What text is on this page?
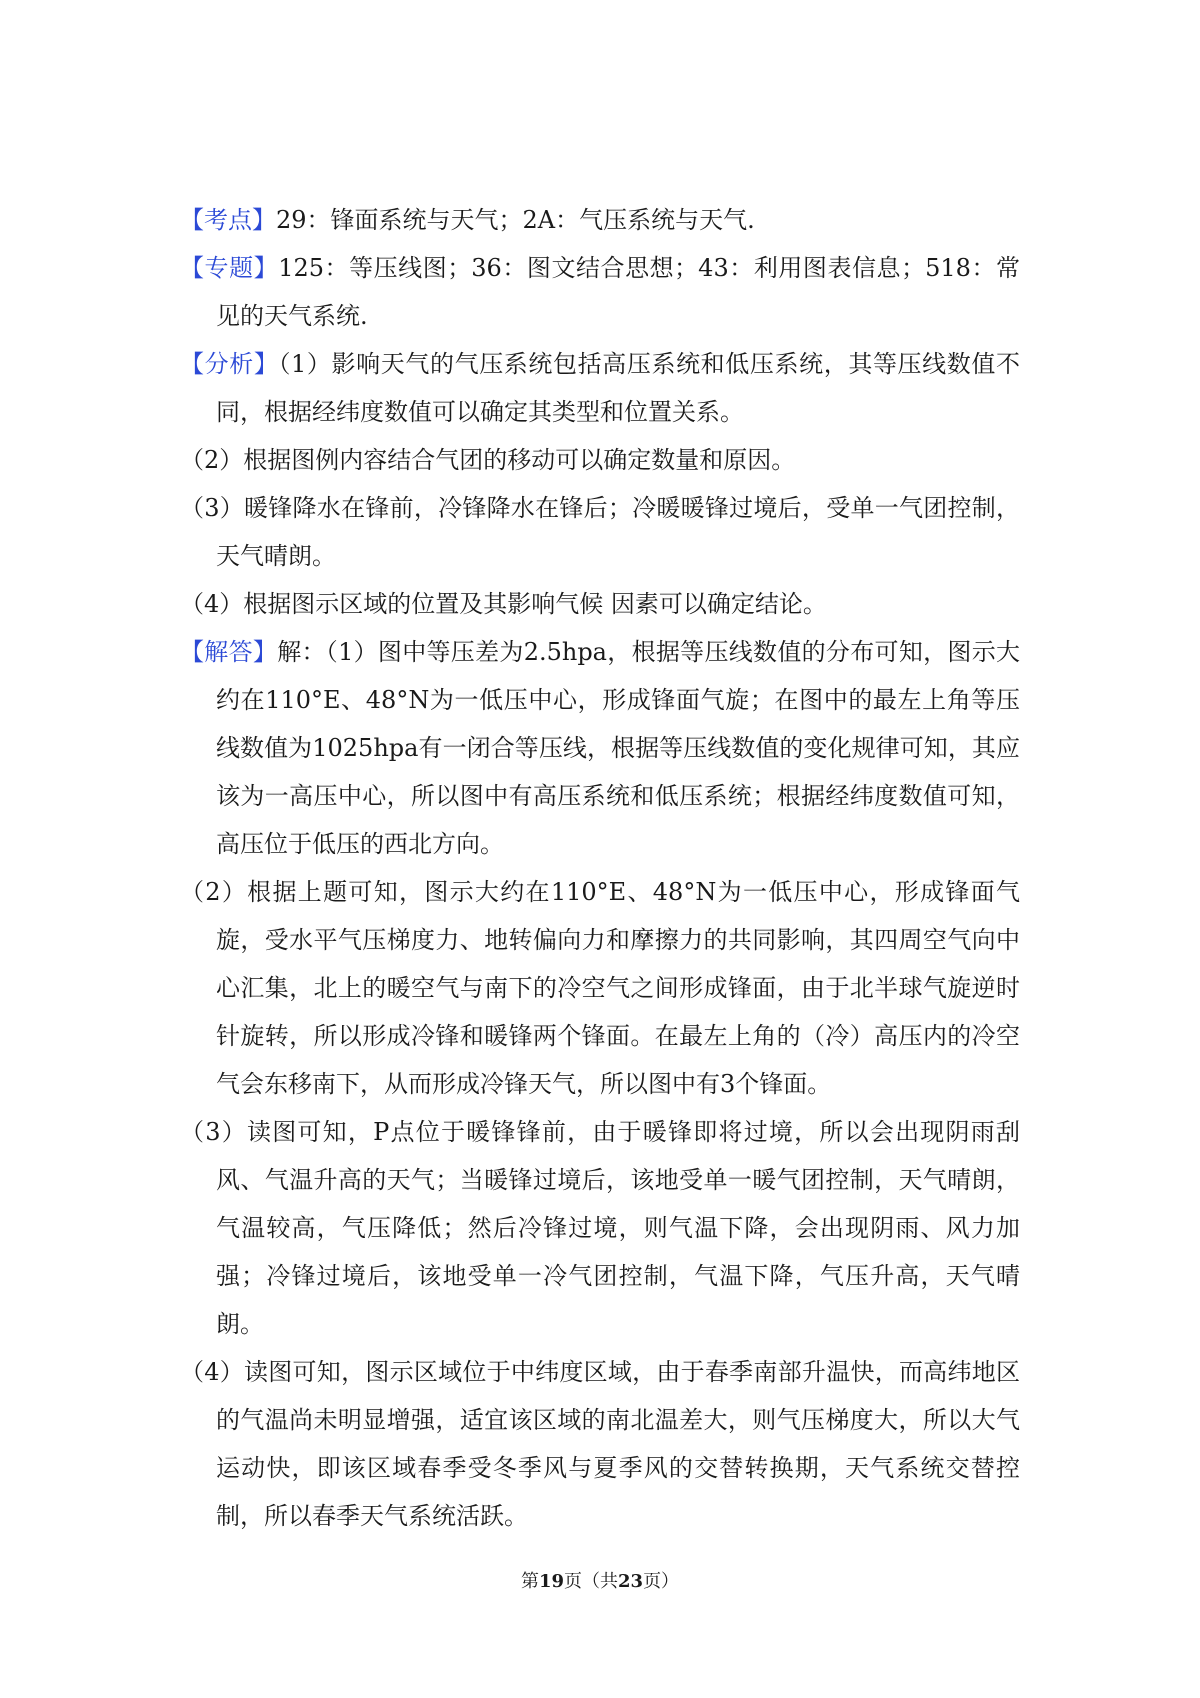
【考点】29：锋面系统与天气；2A：气压系统与天气.

【专题】125：等压线图；36：图文结合思想；43：利用图表信息；518：常见的天气系统.

【分析】（1）影响天气的气压系统包括高压系统和低压系统，其等压线数值不同，根据经纬度数值可以确定其类型和位置关系。

（2）根据图例内容结合气团的移动可以确定数量和原因。

（3）暖锋降水在锋前，冷锋降水在锋后；冷暖暖锋过境后，受单一气团控制，天气晴朗。

（4）根据图示区域的位置及其影响气候 因素可以确定结论。

【解答】解：（1）图中等压差为2.5hpa，根据等压线数值的分布可知，图示大约在110°E、48°N为一低压中心，形成锋面气旋；在图中的最左上角等压线数值为1025hpa有一闭合等压线，根据等压线数值的变化规律可知，其应该为一高压中心，所以图中有高压系统和低压系统；根据经纬度数值可知，高压位于低压的西北方向。

（2）根据上题可知，图示大约在110°E、48°N为一低压中心，形成锋面气旋，受水平气压梯度力、地转偏向力和摩擦力的共同影响，其四周空气向中心汇集，北上的暖空气与南下的冷空气之间形成锋面，由于北半球气旋逆时针旋转，所以形成冷锋和暖锋两个锋面。在最左上角的（冷）高压内的冷空气会东移南下，从而形成冷锋天气，所以图中有3个锋面。

（3）读图可知，P点位于暖锋锋前，由于暖锋即将过境，所以会出现阴雨刮风、气温升高的天气；当暖锋过境后，该地受单一暖气团控制，天气晴朗，气温较高，气压降低；然后冷锋过境，则气温下降，会出现阴雨、风力加强；冷锋过境后，该地受单一冷气团控制，气温下降，气压升高，天气晴朗。

（4）读图可知，图示区域位于中纬度区域，由于春季南部升温快，而高纬地区的气温尚未明显增强，适宜该区域的南北温差大，则气压梯度大，所以大气运动快，即该区域春季受冬季风与夏季风的交替转换期，天气系统交替控制，所以春季天气系统活跃。

第19页（共23页）
